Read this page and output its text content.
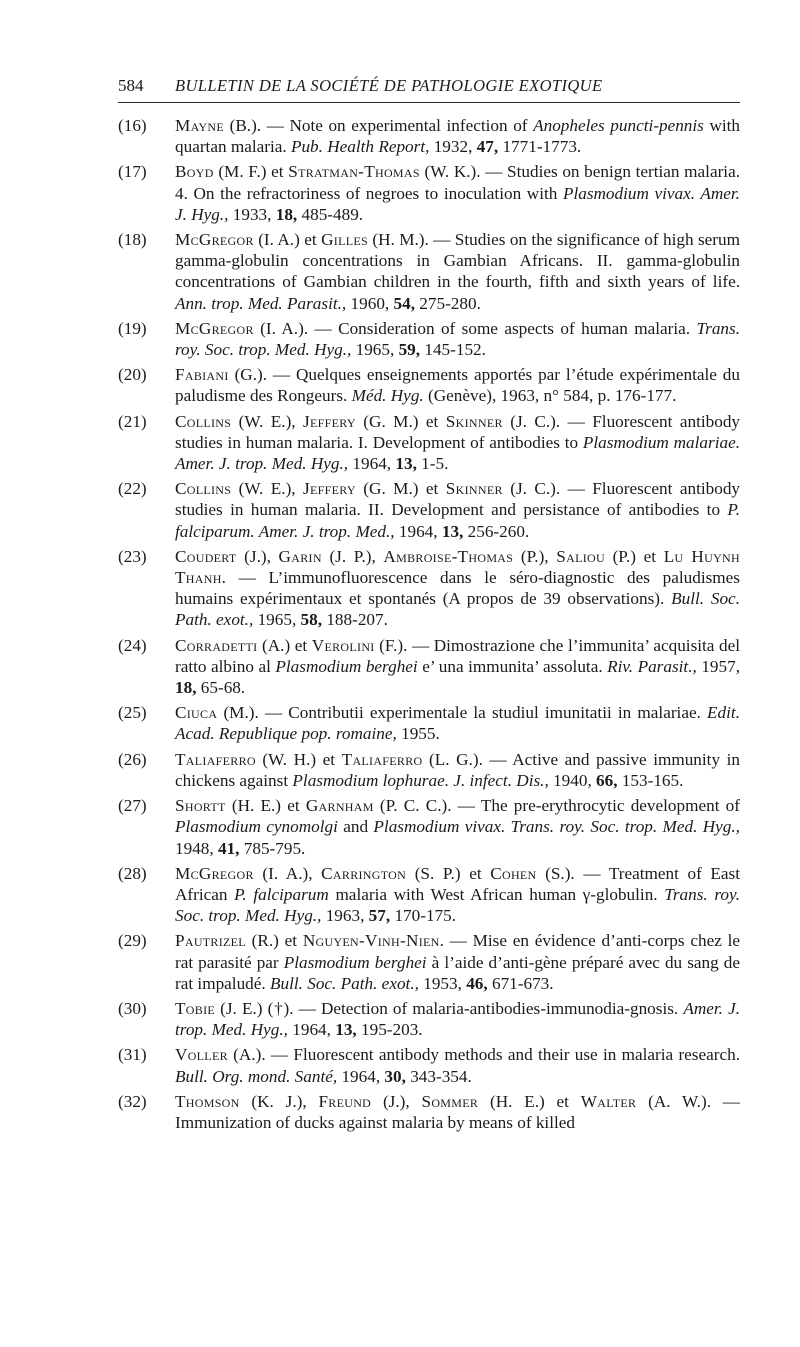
584 BULLETIN DE LA SOCIÉTÉ DE PATHOLOGIE EXOTIQUE
(16) Mayne (B.). — Note on experimental infection of Anopheles puncti-pennis with quartan malaria. Pub. Health Report, 1932, 47, 1771-1773.
(17) Boyd (M. F.) et Stratman-Thomas (W. K.). — Studies on benign tertian malaria. 4. On the refractoriness of negroes to inoculation with Plasmodium vivax. Amer. J. Hyg., 1933, 18, 485-489.
(18) McGregor (I. A.) et Gilles (H. M.). — Studies on the significance of high serum gamma-globulin concentrations in Gambian Africans. II. gamma-globulin concentrations of Gambian children in the fourth, fifth and sixth years of life. Ann. trop. Med. Parasit., 1960, 54, 275-280.
(19) McGregor (I. A.). — Consideration of some aspects of human malaria. Trans. roy. Soc. trop. Med. Hyg., 1965, 59, 145-152.
(20) Fabiani (G.). — Quelques enseignements apportés par l’étude expérimentale du paludisme des Rongeurs. Méd. Hyg. (Genève), 1963, n° 584, p. 176-177.
(21) Collins (W. E.), Jeffery (G. M.) et Skinner (J. C.). — Fluorescent antibody studies in human malaria. I. Development of antibodies to Plasmodium malariae. Amer. J. trop. Med. Hyg., 1964, 13, 1-5.
(22) Collins (W. E.), Jeffery (G. M.) et Skinner (J. C.). — Fluorescent antibody studies in human malaria. II. Development and persistance of antibodies to P. falciparum. Amer. J. trop. Med., 1964, 13, 256-260.
(23) Coudert (J.), Garin (J. P.), Ambroise-Thomas (P.), Saliou (P.) et Lu Huynh Thanh. — L’immunofluorescence dans le séro-diagnostic des paludismes humains expérimentaux et spontanés (A propos de 39 observations). Bull. Soc. Path. exot., 1965, 58, 188-207.
(24) Corradetti (A.) et Verolini (F.). — Dimostrazione che l’immunita’ acquisita del ratto albino al Plasmodium berghei e’ una immunita’ assoluta. Riv. Parasit., 1957, 18, 65-68.
(25) Ciuca (M.). — Contributii experimentale la studiul imunitatii in malariae. Edit. Acad. Republique pop. romaine, 1955.
(26) Taliaferro (W. H.) et Taliaferro (L. G.). — Active and passive immunity in chickens against Plasmodium lophurae. J. infect. Dis., 1940, 66, 153-165.
(27) Shortt (H. E.) et Garnham (P. C. C.). — The pre-erythrocytic development of Plasmodium cynomolgi and Plasmodium vivax. Trans. roy. Soc. trop. Med. Hyg., 1948, 41, 785-795.
(28) McGregor (I. A.), Carrington (S. P.) et Cohen (S.). — Treatment of East African P. falciparum malaria with West African human γ-globulin. Trans. roy. Soc. trop. Med. Hyg., 1963, 57, 170-175.
(29) Pautrizel (R.) et Nguyen-Vinh-Nien. — Mise en évidence d’anti-corps chez le rat parasité par Plasmodium berghei à l’aide d’anti-gène préparé avec du sang de rat impaludé. Bull. Soc. Path. exot., 1953, 46, 671-673.
(30) Tobie (J. E.) (†). — Detection of malaria-antibodies-immunodia-gnosis. Amer. J. trop. Med. Hyg., 1964, 13, 195-203.
(31) Voller (A.). — Fluorescent antibody methods and their use in malaria research. Bull. Org. mond. Santé, 1964, 30, 343-354.
(32) Thomson (K. J.), Freund (J.), Sommer (H. E.) et Walter (A. W.). — Immunization of ducks against malaria by means of killed
